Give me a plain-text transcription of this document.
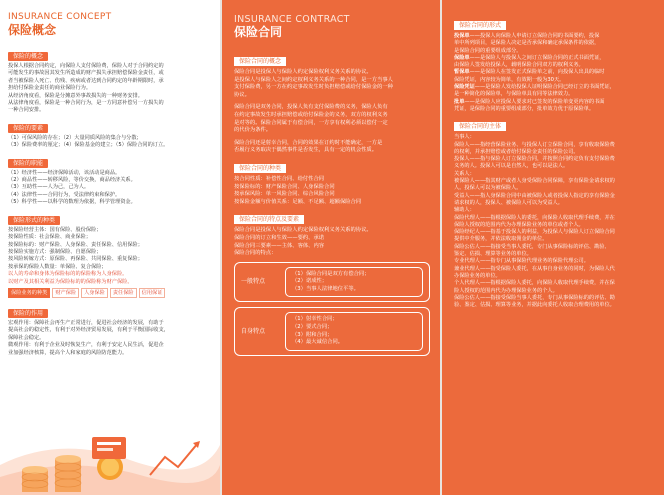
INSURANCE CONCEPT
保险概念
保险的概念
投保人根据合同约定，向保险人支付保险费，保险人对于合同约定的
可能发生的事故因其发生所造成的财产损失承担赔偿保险金责任，或
者当被保险人死亡、伤残、疾病或者达到合同约定的年龄期限时，承
担给付保险金责任的商业保险行为。
从经济角度看，保险是分摊意外事故损失的一种财务安排。
从法律角度看，保险是一种合同行为，是一方同意补偿另一方损失的
一种合同安排。
保险的要素
（1）可保风险的存在；（2）大量同质风险的集合与分散；
（3）保险费率的厘定；（4）保险基金的建立；（5）保险合同的订立。
保险的职能
（1）经济性——经济保障活动，该活动是商品。
（2）商品性——转移风险，等价交换，商品经济关系。
（3）互助性——人为己，己为人。
（4）法律性——合同行为，受法律约束和保护。
（5）科学性——以科学的数理为依据，科学管理资金。
保险形式的种类
按保险经营主体：国有保险、股份保险；
按保险性质：社会保险、商业保险；
按保险标的：财产保险、人身保险、责任保险、信用保险；
按保险实施方式：强制保险、自愿保险；
按风险转嫁方式：原保险、再保险、共同保险、重复保险；
按承保的保险人数量：单保险、复合保险；
以人的寿命和身体为保险标的的保险称为人身保险。
以财产及其相关利益为保险标的的保险称为财产保险。
保险业务的种类	财产保险	人身保险	责任保险	信用保证
保险的作用
宏观作用：保障社会再生产正常进行，促进社会经济的发展，有助于
提高社会的稳定性，有利于对外经济贸易发展，有利于平衡国际收支，
保障社会稳定。
微观作用：有利于企业及时恢复生产，有利于安定人民生活，促进企
业加强经济核算，提高个人和家庭的风险防范能力。
INSURANCE CONTRACT
保险合同
保险合同的概念
保险合同是投保人与保险人约定保险权利义务关系的协议。
是投保人与保险人之间约定权利义务关系的一种合同，是一方当事人
支付保险费，另一方在约定事故发生时负担赔偿或给付保险金的一种
协议。
保险合同是双务合同，投保人负有支付保险费的义务，保险人负有
在约定事故发生时承担赔偿或给付保险金的义务，双方的权利义务
是对等的。保险合同属于有偿合同，一方享有权利必须以偿付一定
的代价为条件。
保险合同还是射幸合同，合同的效果在订约时不能确定，一方是
否履行义务取决于偶然事件是否发生，具有一定的机会性质。
保险合同的种类
按合同性质：补偿性合同、给付性合同
按保险标的：财产保险合同、人身保险合同
按承保风险：单一风险合同、综合风险合同
按保险金额与价值关系：足额、不足额、超额保险合同
保险合同的特点及要素
保险合同是投保人与保险人约定保险权利义务关系的协议。
保险合同的订立和生效——要约、承诺
保险合同三要素——主体、客体、内容
保险合同的特点：
一般特点
（1）保险合同是双方有偿合同；
（2）诺成性；
（3）当事人法律地位平等。
自身特点
（1）射幸性合同；
（2）要式合同；
（3）附和合同；
（4）最大诚信合同。
保险合同的形式
投保单——投保人向保险人申请订立保险合同的书面要约，投保
单中所列项目，是保险人决定是否承保和确定承保条件的依据，
是保险合同的重要组成部分。
保险单——是保险人与投保人之间订立保险合同的正式书面凭证，
由保险人签发给投保人，载明保险合同双方的权利义务。
暂保单——是保险人在签发正式保险单之前，向投保人出具的临时
保险凭证，内容较为简单，有效期一般为30天。
保险凭证——是保险人发给投保人证明保险合同已经订立的书面凭证，
是一种简化的保险单，与保险单具有同等法律效力。
批单——是保险人应投保人要求对已签发的保险单变更内容的书面
凭证，是保险合同的重要组成部分，批单效力优于原保险单。
保险合同的主体
当事人：
保险人——指经营保险业务、与投保人订立保险合同，享有收取保险费
的权利，并承担赔偿或者给付保险金责任的保险公司。
投保人——指与保险人订立保险合同，并按照合同约定负有支付保险费
义务的人。投保人可以是自然人，也可以是法人。
关系人：
被保险人——指其财产或者人身受保险合同保障，享有保险金请求权的
人。投保人可以为被保险人。
受益人——指人身保险合同中由被保险人或者投保人指定的享有保险金
请求权的人，投保人、被保险人可以为受益人。
辅助人：
保险代理人——指根据保险人的委托，向保险人收取代理手续费，并在
保险人授权的范围内代为办理保险业务的单位或者个人。
保险经纪人——指基于投保人的利益，为投保人与保险人订立保险合同
提供中介服务，并依法收取佣金的单位。
保险公估人——指接受当事人委托，专门从事保险标的评估、勘验、
鉴定、估损、理算等业务的单位。
专业代理人——指专门从事保险代理业务的保险代理公司。
兼业代理人——指受保险人委托，在从事自身业务的同时，为保险人代
办保险业务的单位。
个人代理人——指根据保险人委托，向保险人收取代理手续费，并在保
险人授权的范围内代为办理保险业务的个人。
保险公估人——指接受保险当事人委托，专门从事保险标的的评估、勘
验、鉴定、估损、理算等业务，并据此向委托人收取合理费用的单位。
